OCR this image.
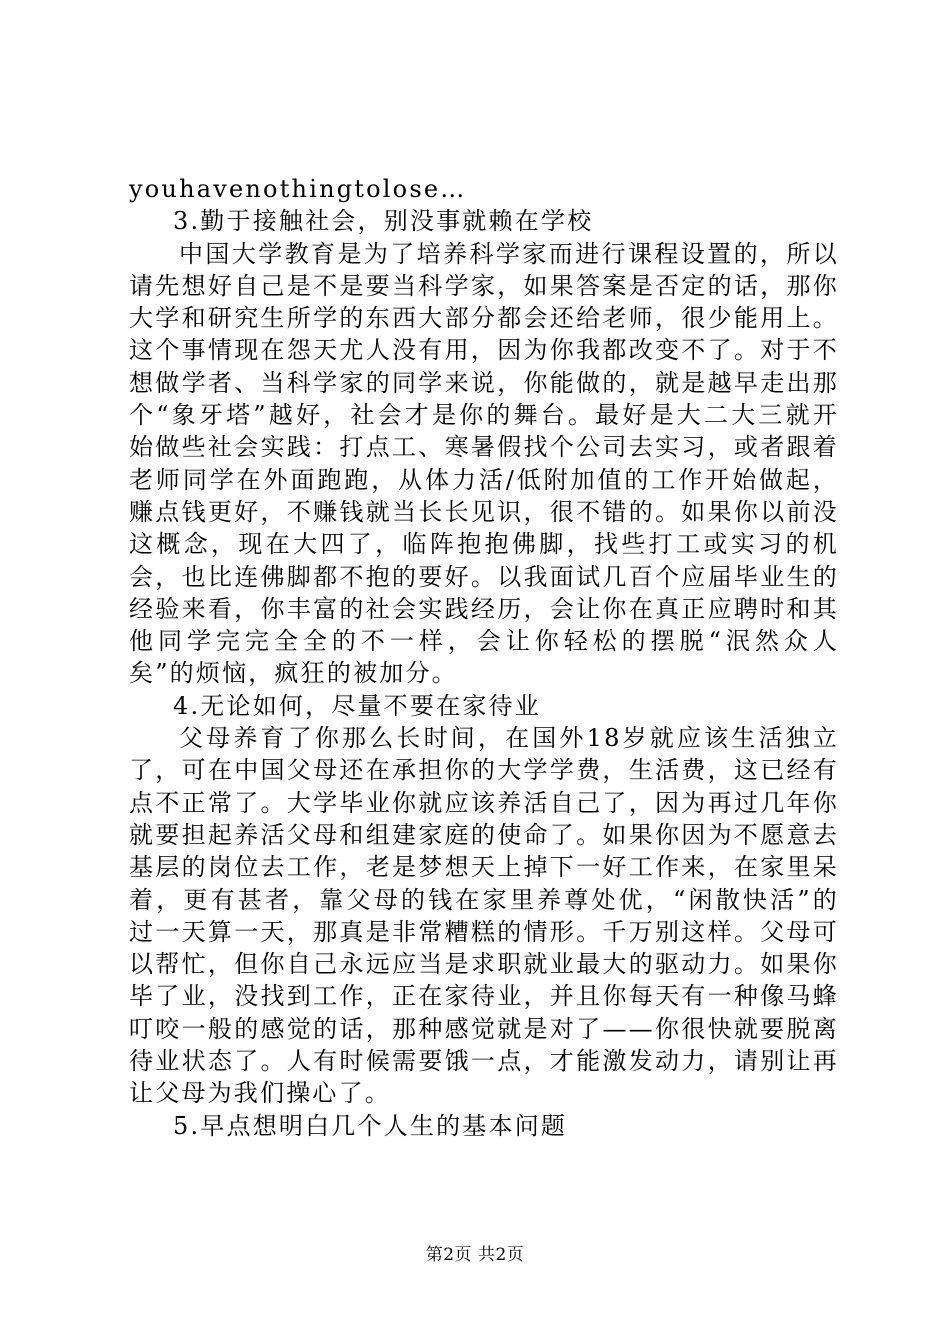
youhavenothingtolose…

3.勤于接触社会，别没事就赖在学校

中国大学教育是为了培养科学家而进行课程设置的，所以请先想好自己是不是要当科学家，如果答案是否定的话，那你大学和研究生所学的东西大部分都会还给老师，很少能用上。这个事情现在怨天尤人没有用，因为你我都改变不了。对于不想做学者、当科学家的同学来说，你能做的，就是越早走出那个“象牙塔”越好，社会才是你的舞台。最好是大二大三就开始做些社会实践：打点工、寒暑假找个公司去实习，或者跟着老师同学在外面跑跑，从体力活/低附加值的工作开始做起，赚点钱更好，不赚钱就当长长见识，很不错的。如果你以前没这概念，现在大四了，临阵抱抱佛脚，找些打工或实习的机会，也比连佛脚都不抱的要好。以我面试几百个应届毕业生的经验来看，你丰富的社会实践经历，会让你在真正应聘时和其他同学完完全全的不一样，会让你轻松的摆脱“泯然众人矣”的烦恼，疯狂的被加分。

4.无论如何，尽量不要在家待业

父母养育了你那么长时间，在国外18岁就应该生活独立了，可在中国父母还在承担你的大学学费，生活费，这已经有点不正常了。大学毕业你就应该养活自己了，因为再过几年你就要担起养活父母和组建家庭的使命了。如果你因为不愿意去基层的岗位去工作，老是梦想天上掉下一好工作来，在家里呆着，更有甚者，靠父母的钱在家里养尊处优，“闲散快活”的过一天算一天，那真是非常糟糕的情形。千万别这样。父母可以帮忙，但你自己永远应当是求职就业最大的驱动力。如果你毕了业，没找到工作，正在家待业，并且你每天有一种像马蜂叮咬一般的感觉的话，那种感觉就是对了——你很快就要脱离待业状态了。人有时候需要饿一点，才能激发动力，请别让再让父母为我们操心了。

5.早点想明白几个人生的基本问题

第2页 共2页
